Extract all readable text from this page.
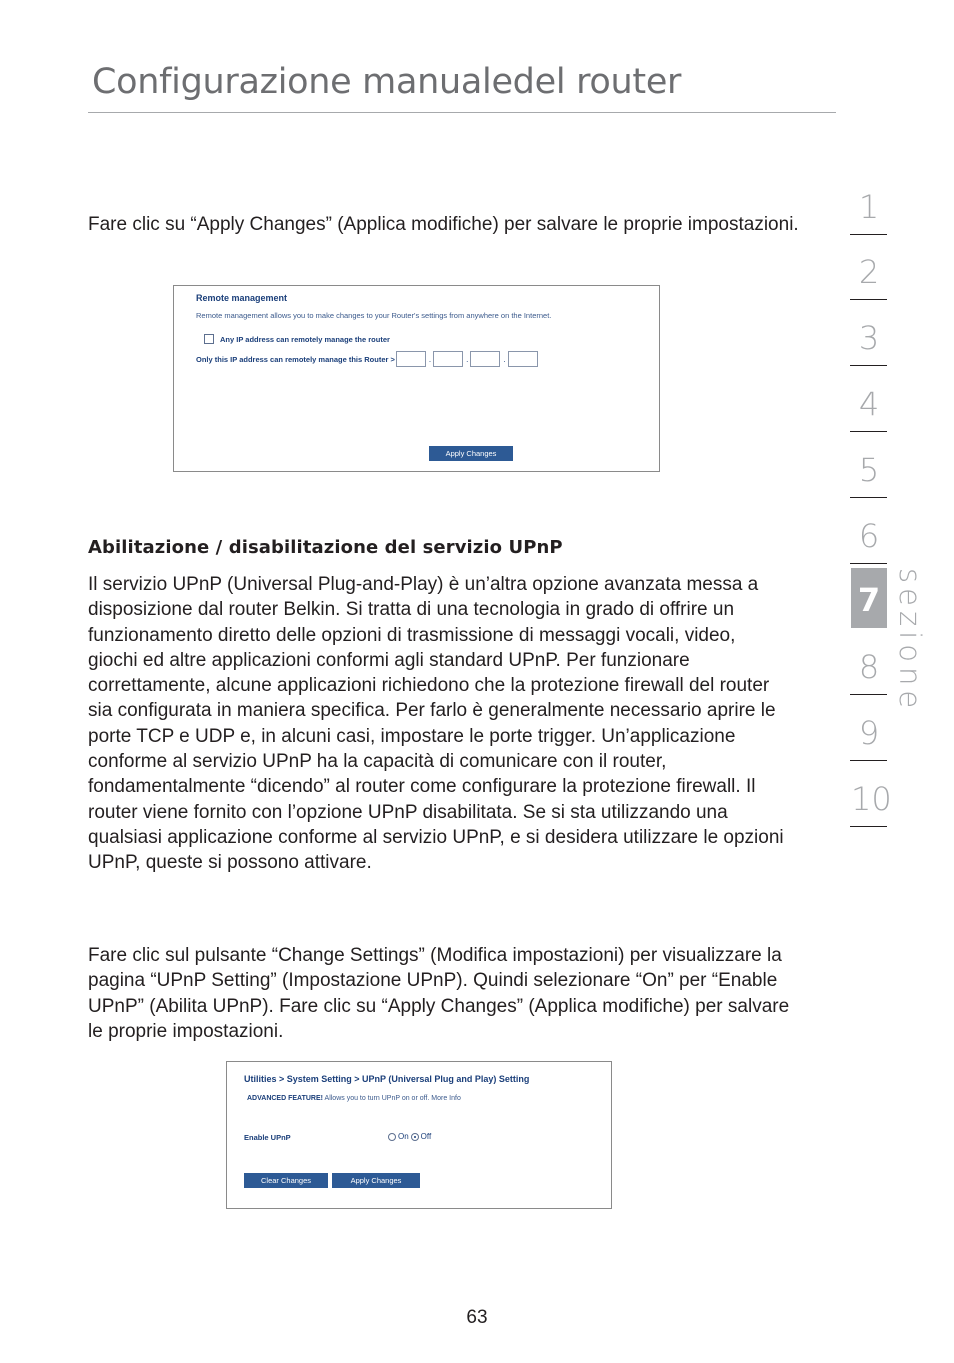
Configurazione manualedel router

Fare clic su “Apply Changes” (Applica modifiche) per salvare le proprie impostazioni.

Remote management
Remote management allows you to make changes to your Router's settings from anywhere on the Internet.
Any IP address can remotely manage the router
Only this IP address can remotely manage this Router >	.	.	.
Apply Changes
Abilitazione / disabilitazione del servizio UPnP

Il servizio UPnP (Universal Plug-and-Play) è un’altra opzione avanzata messa a disposizione dal router Belkin. Si tratta di una tecnologia in grado di offrire un funzionamento diretto delle opzioni di trasmissione di messaggi vocali, video, giochi ed altre applicazioni conformi agli standard UPnP. Per funzionare correttamente, alcune applicazioni richiedono che la protezione firewall del router sia configurata in maniera specifica. Per farlo è generalmente necessario aprire le porte TCP e UDP e, in alcuni casi, impostare le porte trigger. Un’applicazione conforme al servizio UPnP ha la capacità di comunicare con il router, fondamentalmente “dicendo” al router come configurare la protezione firewall. Il router viene fornito con l’opzione UPnP disabilitata. Se si sta utilizzando una qualsiasi applicazione conforme al servizio UPnP, e si desidera utilizzare le opzioni UPnP, queste si possono attivare.

Fare clic sul pulsante “Change Settings” (Modifica impostazioni) per visualizzare la pagina “UPnP Setting” (Impostazione UPnP). Quindi selezionare “On” per “Enable UPnP” (Abilita UPnP). Fare clic su “Apply Changes” (Applica modifiche) per salvare le proprie impostazioni.

Utilities > System Setting > UPnP (Universal Plug and Play) Setting
ADVANCED FEATURE! Allows you to turn UPnP on or off. More Info
Enable UPnP	On Off
Clear Changes	Apply Changes
1
2
3
4
5
6
7
8
9
10
sezione
63
